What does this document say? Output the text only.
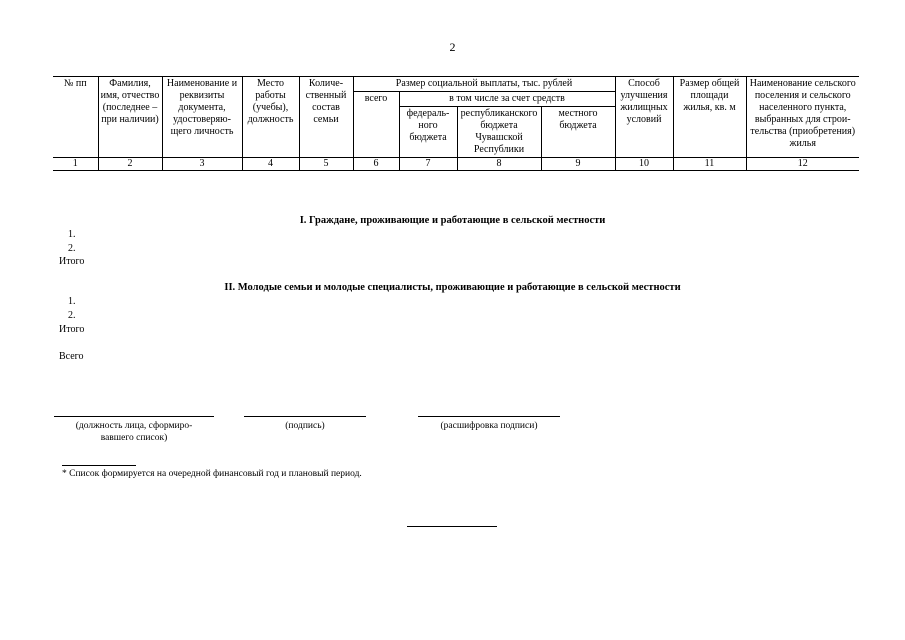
2
№ пп	Фамилия, имя, отчество (последнее – при наличии)	Наименование и реквизиты документа, удостоверяющего личность	Место работы (учебы), должность	Количественный состав семьи	Размер социальной выплаты, тыс. рублей				Способ улучшения жилищных условий	Размер общей площади жилья, кв. м	Наименование сельского поселения и сельского населенного пункта, выбранных для строительства (приобретения) жилья
					всего	в том числе за счет средств					
						федерального бюджета	республиканского бюджета Чувашской Республики	местного бюджета			
1	2	3	4	5	6	7	8	9	10	11	12
I. Граждане, проживающие и работающие в сельской местности
1.
2.
Итого
II. Молодые семьи и молодые специалисты, проживающие и работающие в сельской местности
1.
2.
Итого
Всего
(должность лица, сформировавшего список)
(подпись)	(расшифровка подписи)
* Список формируется на очередной финансовый год и плановый период.
